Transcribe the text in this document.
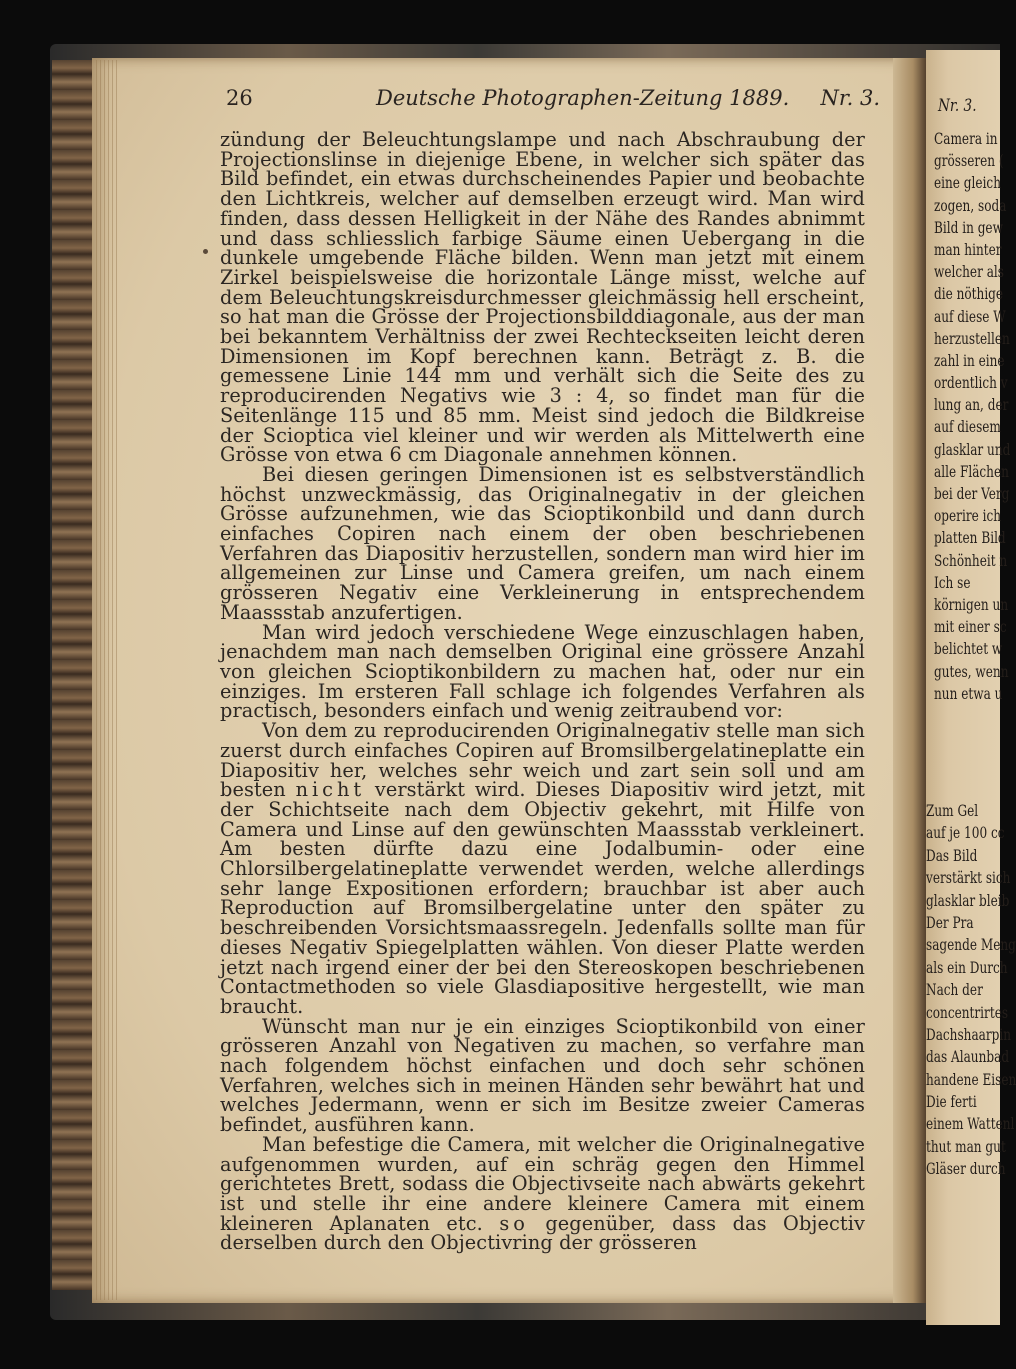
26	Deutsche Photographen-Zeitung 1889. Nr. 3.

zündung der Beleuchtungslampe und nach Abschraubung der Projectionslinse in diejenige Ebene, in welcher sich später das Bild befindet, ein etwas durchscheinendes Papier und beobachte den Lichtkreis, welcher auf demselben erzeugt wird. Man wird finden, dass dessen Helligkeit in der Nähe des Randes abnimmt und dass schliesslich farbige Säume einen Uebergang in die dunkele umgebende Fläche bilden. Wenn man jetzt mit einem Zirkel beispielsweise die horizontale Länge misst, welche auf dem Beleuchtungskreisdurchmesser gleichmässig hell erscheint, so hat man die Grösse der Projectionsbilddiagonale, aus der man bei bekanntem Verhältniss der zwei Rechteckseiten leicht deren Dimensionen im Kopf berechnen kann. Beträgt z. B. die gemessene Linie 144 mm und verhält sich die Seite des zu reproducirenden Negativs wie 3 : 4, so findet man für die Seitenlänge 115 und 85 mm. Meist sind jedoch die Bildkreise der Scioptica viel kleiner und wir werden als Mittelwerth eine Grösse von etwa 6 cm Diagonale annehmen können.

Bei diesen geringen Dimensionen ist es selbstverständlich höchst unzweckmässig, das Originalnegativ in der gleichen Grösse aufzunehmen, wie das Scioptikonbild und dann durch einfaches Copiren nach einem der oben beschriebenen Verfahren das Diapositiv herzustellen, sondern man wird hier im allgemeinen zur Linse und Camera greifen, um nach einem grösseren Negativ eine Verkleinerung in entsprechendem Maassstab anzufertigen.

Man wird jedoch verschiedene Wege einzuschlagen haben, jenachdem man nach demselben Original eine grössere Anzahl von gleichen Scioptikonbildern zu machen hat, oder nur ein einziges. Im ersteren Fall schlage ich folgendes Verfahren als practisch, besonders einfach und wenig zeitraubend vor:

Von dem zu reproducirenden Originalnegativ stelle man sich zuerst durch einfaches Copiren auf Bromsilbergelatineplatte ein Diapositiv her, welches sehr weich und zart sein soll und am besten nicht verstärkt wird. Dieses Diapositiv wird jetzt, mit der Schichtseite nach dem Objectiv gekehrt, mit Hilfe von Camera und Linse auf den gewünschten Maassstab verkleinert. Am besten dürfte dazu eine Jodalbumin- oder eine Chlorsilbergelatineplatte verwendet werden, welche allerdings sehr lange Expositionen erfordern; brauchbar ist aber auch Reproduction auf Bromsilbergelatine unter den später zu beschreibenden Vorsichtsmaassregeln. Jedenfalls sollte man für dieses Negativ Spiegelplatten wählen. Von dieser Platte werden jetzt nach irgend einer der bei den Stereoskopen beschriebenen Contactmethoden so viele Glasdiapositive hergestellt, wie man braucht.

Wünscht man nur je ein einziges Scioptikonbild von einer grösseren Anzahl von Negativen zu machen, so verfahre man nach folgendem höchst einfachen und doch sehr schönen Verfahren, welches sich in meinen Händen sehr bewährt hat und welches Jedermann, wenn er sich im Besitze zweier Cameras befindet, ausführen kann.

Man befestige die Camera, mit welcher die Originalnegative aufgenommen wurden, auf ein schräg gegen den Himmel gerichtetes Brett, sodass die Objectivseite nach abwärts gekehrt ist und stelle ihr eine andere kleinere Camera mit einem kleineren Aplanaten etc. so gegenüber, dass das Objectiv derselben durch den Objectivring der grösseren

Nr. 3.
Camera in
grösseren (
eine gleich
zogen, soda
Bild in gew
man hinter
welcher als
die nöthige
auf diese W
herzustellen
zahl in eine
ordentlich v
lung an, der
auf diesem
glasklar und
alle Flächen
bei der Verg
operire ich
platten Bild
Schönheit n
Ich se
körnigen un
mit einer sc
belichtet w
gutes, wenn
nun etwa u
Zum Gel
auf je 100 cc
Das Bild
verstärkt sich
glasklar bleib
Der Pra
sagende Meng
als ein Durch
Nach der
concentrirtes
Dachshaarpin
das Alaunbad
handene Eisen
Die ferti
einem Wattenl
thut man gut
Gläser durch
